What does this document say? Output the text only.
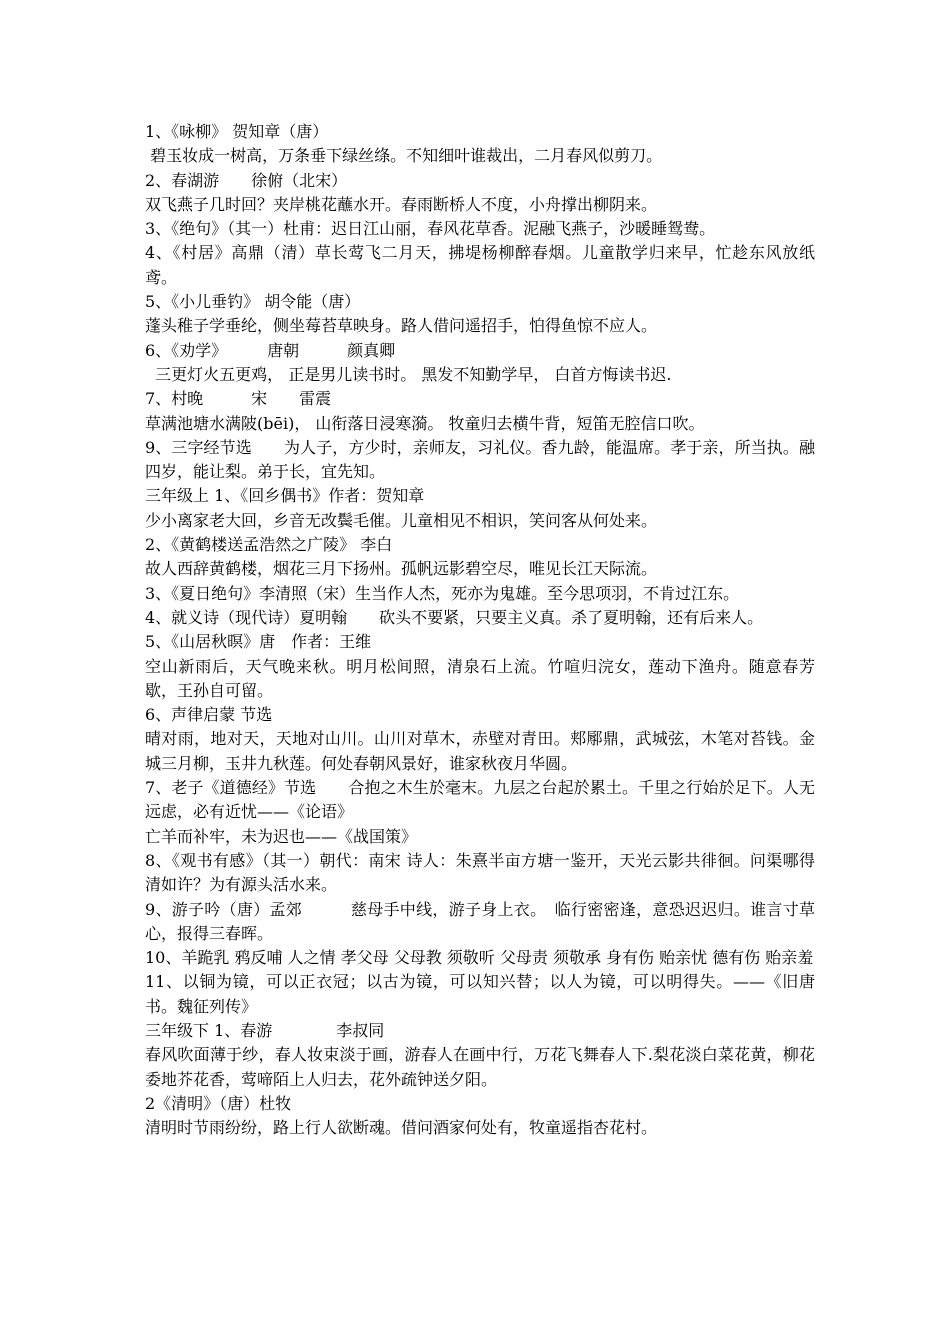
1、《咏柳》 贺知章（唐）
碧玉妆成一树高，万条垂下绿丝绦。不知细叶谁裁出，二月春风似剪刀。
2、春湖游　　徐俯（北宋）
双飞燕子几时回？夹岸桃花蘸水开。春雨断桥人不度，小舟撑出柳阴来。
3、《绝句》（其一）杜甫：迟日江山丽，春风花草香。泥融飞燕子，沙暖睡鸳鸯。
4、《村居》高鼎（清）草长莺飞二月天，拂堤杨柳醉春烟。儿童散学归来早，忙趁东风放纸鸢。
5、《小儿垂钓》 胡令能（唐）
蓬头稚子学垂纶，侧坐莓苔草映身。路人借问遥招手，怕得鱼惊不应人。
6、《劝学》　　　唐朝　　　颜真卿
三更灯火五更鸡， 正是男儿读书时。 黑发不知勤学早， 白首方悔读书迟.
7、村晚　　　宋　　雷震
草满池塘水满陂(bēi)， 山衔落日浸寒漪。 牧童归去横牛背，短笛无腔信口吹。
9、三字经节选　　为人子，方少时，亲师友，习礼仪。香九龄，能温席。孝于亲，所当执。融四岁，能让梨。弟于长，宜先知。
三年级上 1、《回乡偶书》作者：贺知章
少小离家老大回，乡音无改鬓毛催。儿童相见不相识，笑问客从何处来。
2、《黄鹤楼送孟浩然之广陵》 李白
故人西辞黄鹤楼，烟花三月下扬州。孤帆远影碧空尽，唯见长江天际流。
3、《夏日绝句》李清照（宋）生当作人杰，死亦为鬼雄。至今思项羽，不肯过江东。
4、就义诗（现代诗）夏明翰　　砍头不要紧，只要主义真。杀了夏明翰，还有后来人。
5、《山居秋暝》唐　作者：王维
空山新雨后，天气晚来秋。明月松间照，清泉石上流。竹喧归浣女，莲动下渔舟。随意春芳歇，王孙自可留。
6、声律启蒙 节选
晴对雨，地对天，天地对山川。山川对草木，赤壁对青田。郏鄏鼎，武城弦，木笔对苔钱。金城三月柳，玉井九秋莲。何处春朝风景好，谁家秋夜月华圆。
7、老子《道德经》节选　　合抱之木生於毫末。九层之台起於累土。千里之行始於足下。人无远虑，必有近忧——《论语》
亡羊而补牢，未为迟也——《战国策》
8、《观书有感》（其一）朝代：南宋 诗人：朱熹半亩方塘一鉴开，天光云影共徘徊。问渠哪得清如许？为有源头活水来。
9、游子吟（唐）孟郊　　　慈母手中线，游子身上衣。　临行密密逢，意恐迟迟归。谁言寸草心，报得三春晖。
10、羊跪乳 鸦反哺 人之情 孝父母 父母教 须敬听 父母责 须敬承 身有伤 贻亲忧 德有伤 贻亲羞
11、以铜为镜，可以正衣冠；以古为镜，可以知兴替；以人为镜，可以明得失。——《旧唐书。魏征列传》
三年级下 1、春游　　　　李叔同
春风吹面薄于纱，春人妆束淡于画，游春人在画中行，万花飞舞春人下.梨花淡白菜花黄，柳花委地芥花香，莺啼陌上人归去，花外疏钟送夕阳。
2《清明》（唐）杜牧
清明时节雨纷纷，路上行人欲断魂。借问酒家何处有，牧童遥指杏花村。
